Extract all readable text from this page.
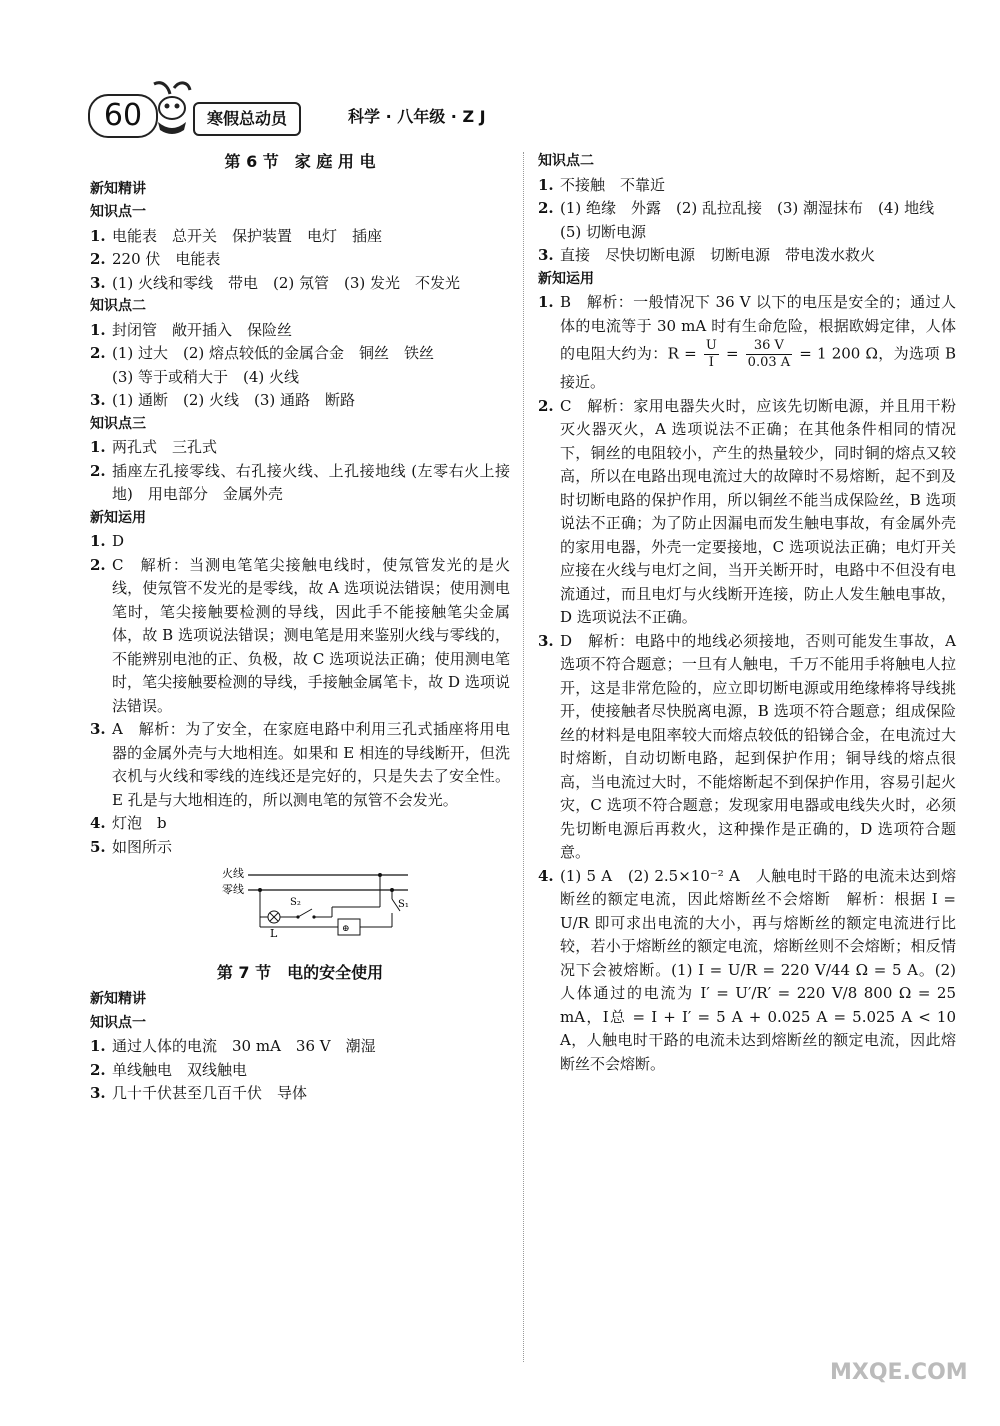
60	寒假总动员	科学 · 八年级 · Z J
第 6 节　家 庭 用 电
新知精讲
知识点一
1. 电能表　总开关　保护装置　电灯　插座
2. 220 伏　电能表
3. (1) 火线和零线　带电　(2) 氖管　(3) 发光　不发光
知识点二
1. 封闭管　敞开插入　保险丝
2. (1) 过大　(2) 熔点较低的金属合金　铜丝　铁丝
(3) 等于或稍大于　(4) 火线
3. (1) 通断　(2) 火线　(3) 通路　断路
知识点三
1. 两孔式　三孔式
2. 插座左孔接零线、右孔接火线、上孔接地线 (左零右火上接地)　用电部分　金属外壳
新知运用
1. D
2. C　解析：当测电笔笔尖接触电线时，使氖管发光的是火线，使氖管不发光的是零线，故 A 选项说法错误；使用测电笔时，笔尖接触要检测的导线，因此手不能接触笔尖金属体，故 B 选项说法错误；测电笔是用来鉴别火线与零线的，不能辨别电池的正、负极，故 C 选项说法正确；使用测电笔时，笔尖接触要检测的导线，手接触金属笔卡，故 D 选项说法错误。
3. A　解析：为了安全，在家庭电路中利用三孔式插座将用电器的金属外壳与大地相连。如果和 E 相连的导线断开，但洗衣机与火线和零线的连线还是完好的，只是失去了安全性。E 孔是与大地相连的，所以测电笔的氖管不会发光。
4. 灯泡　b
5. 如图所示
火线
零线
L
S₂
⊕
S₁
第 7 节　电的安全使用
新知精讲
知识点一
1. 通过人体的电流　30 mA　36 V　潮湿
2. 单线触电　双线触电
3. 几十千伏甚至几百千伏　导体
知识点二
1. 不接触　不靠近
2. (1) 绝缘　外露　(2) 乱拉乱接　(3) 潮湿抹布　(4) 地线
(5) 切断电源
3. 直接　尽快切断电源　切断电源　带电泼水救火
新知运用
1. B　解析：一般情况下 36 V 以下的电压是安全的；通过人体的电流等于 30 mA 时有生命危险，根据欧姆定律，人体的电阻大约为：$R = \frac{U}{I} = \frac{36 V}{0.03 A} = 1$ 200 Ω，为选项 B 接近。
2. C　解析：家用电器失火时，应该先切断电源，并且用干粉灭火器灭火，A 选项说法不正确；在其他条件相同的情况下，铜丝的电阻较小，产生的热量较少，同时铜的熔点又较高，所以在电路出现电流过大的故障时不易熔断，起不到及时切断电路的保护作用，所以铜丝不能当成保险丝，B 选项说法不正确；为了防止因漏电而发生触电事故，有金属外壳的家用电器，外壳一定要接地，C 选项说法正确；电灯开关应接在火线与电灯之间，当开关断开时，电路中不但没有电流通过，而且电灯与火线断开连接，防止人发生触电事故，D 选项说法不正确。
3. D　解析：电路中的地线必须接地，否则可能发生事故，A 选项不符合题意；一旦有人触电，千万不能用手将触电人拉开，这是非常危险的，应立即切断电源或用绝缘棒将导线挑开，使接触者尽快脱离电源，B 选项不符合题意；组成保险丝的材料是电阻率较大而熔点较低的铅锑合金，在电流过大时熔断，自动切断电路，起到保护作用；铜导线的熔点很高，当电流过大时，不能熔断起不到保护作用，容易引起火灾，C 选项不符合题意；发现家用电器或电线失火时，必须先切断电源后再救火，这种操作是正确的，D 选项符合题意。
4. (1) 5 A　(2) 2.5×10⁻² A　人触电时干路的电流未达到熔断丝的额定电流，因此熔断丝不会熔断　解析：根据 I = U/R 即可求出电流的大小，再与熔断丝的额定电流进行比较，若小于熔断丝的额定电流，熔断丝则不会熔断；相反情况下会被熔断。(1) I = U/R = 220 V/44 Ω = 5 A。(2) 人体通过的电流为 I′ = U′/R′ = 220 V/8 800 Ω = 25 mA，I总 = I + I′ = 5 A + 0.025 A = 5.025 A < 10 A，人触电时干路的电流未达到熔断丝的额定电流，因此熔断丝不会熔断。
MXQE.COM
